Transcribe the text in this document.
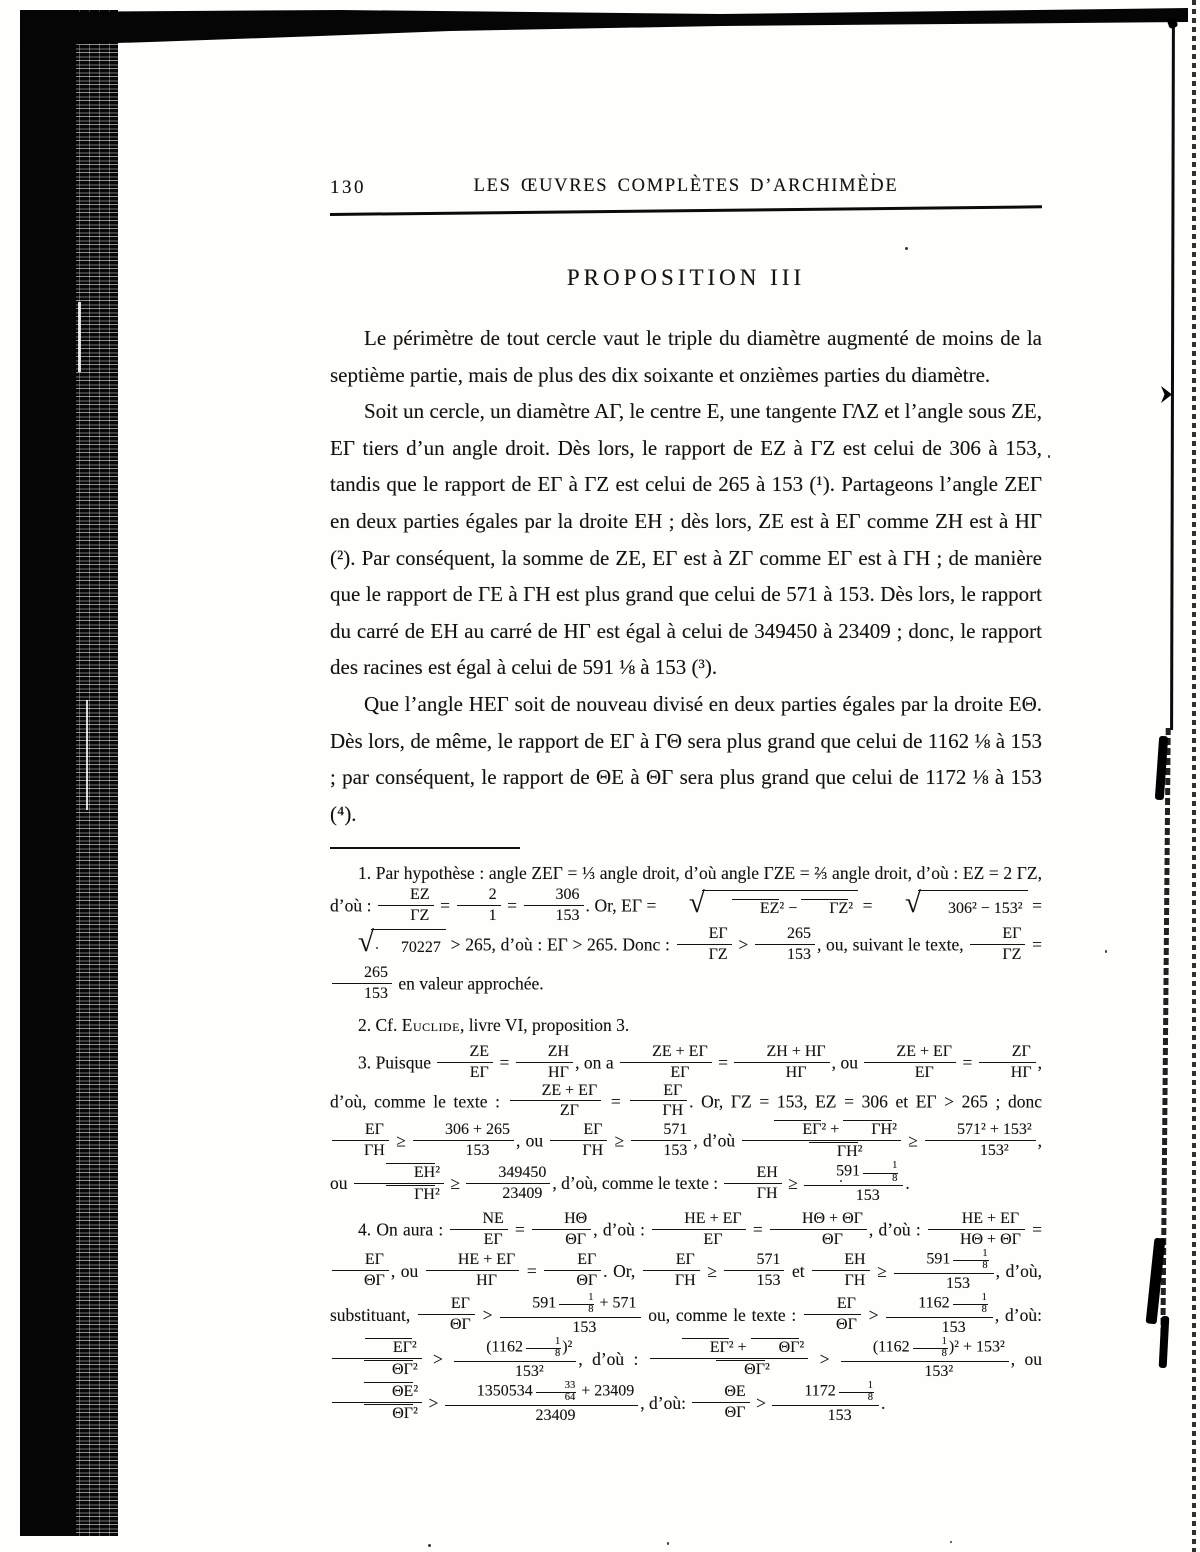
130	LES ŒUVRES COMPLÈTES D’ARCHIMÈDE
PROPOSITION III

Le périmètre de tout cercle vaut le triple du diamètre augmenté de moins de la septième partie, mais de plus des dix soixante et onzièmes parties du diamètre.

Soit un cercle, un diamètre AΓ, le centre E, une tangente ΓΛZ et l’angle sous ZE, EΓ tiers d’un angle droit. Dès lors, le rapport de EZ à ΓZ est celui de 306 à 153, tandis que le rapport de EΓ à ΓZ est celui de 265 à 153 (¹). Partageons l’angle ZEΓ en deux parties égales par la droite EH ; dès lors, ZE est à EΓ comme ZH est à HΓ (²). Par conséquent, la somme de ZE, EΓ est à ZΓ comme EΓ est à ΓH ; de manière que le rapport de ΓE à ΓH est plus grand que celui de 571 à 153. Dès lors, le rapport du carré de EH au carré de HΓ est égal à celui de 349450 à 23409 ; donc, le rapport des racines est égal à celui de 591 ⅛ à 153 (³).

Que l’angle HEΓ soit de nouveau divisé en deux parties égales par la droite EΘ. Dès lors, de même, le rapport de EΓ à ΓΘ sera plus grand que celui de 1162 ⅛ à 153 ; par conséquent, le rapport de ΘE à ΘΓ sera plus grand que celui de 1172 ⅛ à 153 (⁴).

1. Par hypothèse : angle ZEΓ = ⅓ angle droit, d’où angle ΓZE = ⅔ angle droit, d’où : EZ = 2 ΓZ, d’où : $\frac{EZ}{\Gamma Z} = \frac{2}{1} = \frac{306}{153}$ . Or, EΓ = √	EZ² − ΓZ² = √	306² − 153² =
√	70227 > 265, d’où : EΓ > 265. Donc : $\frac{E\Gamma}{\Gamma Z} > \frac{265}{153}$ , ou, suivant le texte, $\frac{E\Gamma}{\Gamma Z}$ =
$\frac{265}{153}$ en valeur approchée.

2. Cf. Euclide, livre VI, proposition 3.

3. Puisque $\frac{ZE}{E\Gamma} = \frac{ZH}{H\Gamma}$ , on a $\frac{ZE + E\Gamma}{E\Gamma} = \frac{ZH + H\Gamma}{H\Gamma}$ , ou $\frac{ZE + E\Gamma}{E\Gamma} = \frac{Z\Gamma}{H\Gamma}$ , d’où, comme le texte : $\frac{ZE + E\Gamma}{Z\Gamma} = \frac{E\Gamma}{\Gamma H}$ . Or, ΓZ = 153, EZ = 306 et EΓ > 265 ; donc
$\frac{E\Gamma}{\Gamma H} \ge \frac{306 + 265}{153}$ , ou $\frac{E\Gamma}{\Gamma H} \ge \frac{571}{153}$ , d’où $\frac{\text{EΓ² + ΓH²}}{\text{ΓH²}} \ge \frac{\text{571² + 153²}}{\text{153²}}$ , ou $\frac{\text{EH²}}{\text{ΓH²}} \ge \frac{349450}{23409}$ , d’où, comme le texte : $\frac{EH}{\Gamma H} \ge \frac{591 \frac{1}{8}}{153}$ .

4. On aura : $\frac{NE}{E\Gamma} = \frac{H\Theta}{\Theta\Gamma}$ , d’où : $\frac{HE + E\Gamma}{E\Gamma} = \frac{H\Theta + \Theta\Gamma}{\Theta\Gamma}$ , d’où : $\frac{HE + E\Gamma}{H\Theta + \Theta\Gamma}$ =
$\frac{E\Gamma}{\Theta\Gamma}$ , ou $\frac{HE + E\Gamma}{H\Gamma} = \frac{E\Gamma}{\Theta\Gamma}$ . Or, $\frac{E\Gamma}{\Gamma H} \ge \frac{571}{153}$ et $\frac{EH}{\Gamma H} \ge \frac{591 \frac{1}{8}}{153}$ , d’où, substituant, $\frac{E\Gamma}{\Theta\Gamma} > \frac{591 \frac{1}{8} + 571}{153}$ ou, comme le texte : $\frac{E\Gamma}{\Theta\Gamma} > \frac{1162 \frac{1}{8}}{153}$ , d’où:
$\frac{\text{EΓ²}}{\text{ΘΓ²}} > \frac{(1162 \frac{1}{8} )^2}{\text{153²}}$ , d’où : $\frac{\text{EΓ² + ΘΓ²}}{\text{ΘΓ²}} > \frac{(1162 \frac{1}{8} )^2 + 153^2}{\text{153²}}$ , ou
$\frac{\text{ΘE²}}{\text{ΘΓ²}} > \frac{1350534 \frac{33}{64} + 23409}{23409}$ , d’où: $\frac{\Theta E}{\Theta\Gamma} > \frac{1172 \frac{1}{8}}{153}$ .
